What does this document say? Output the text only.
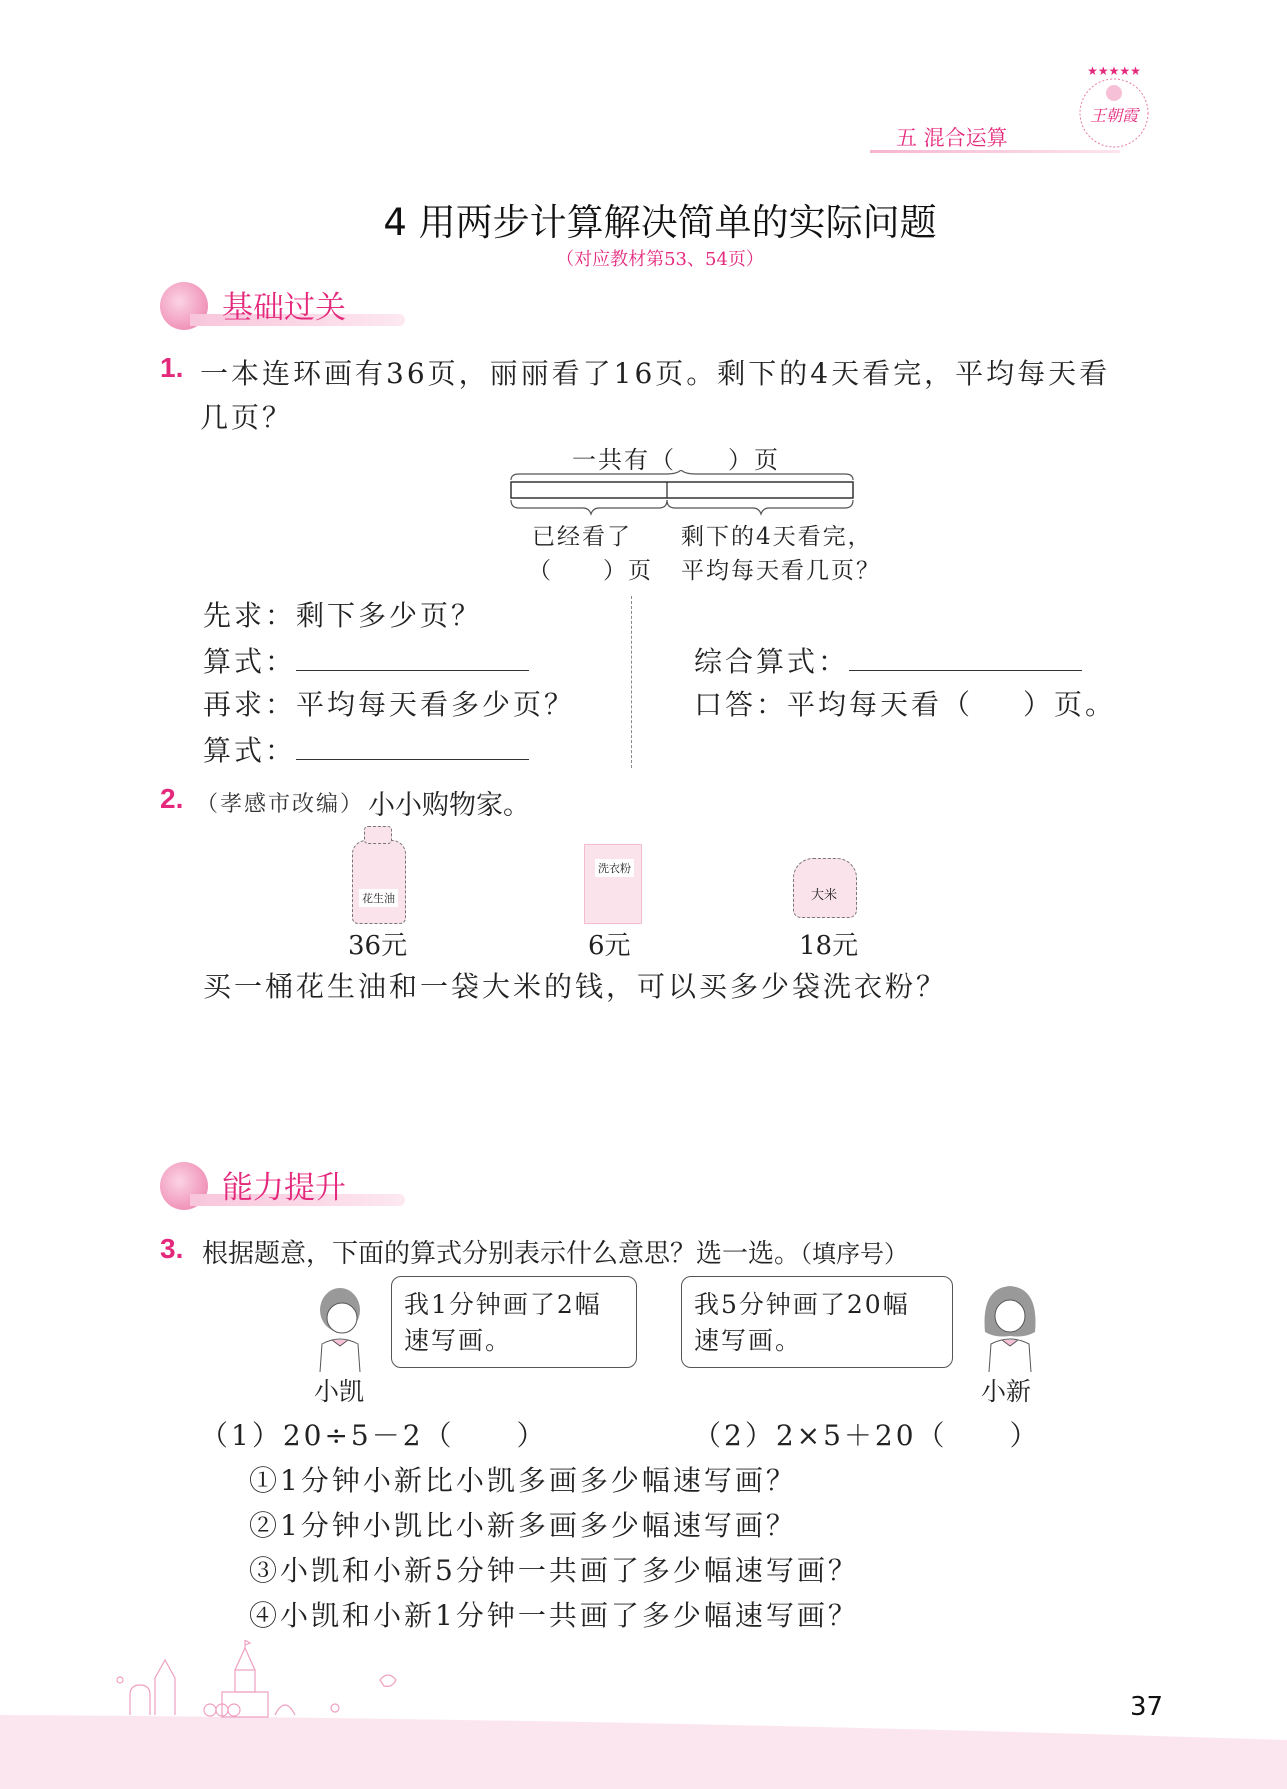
五 混合运算
★★★★★
王朝霞
4 用两步计算解决简单的实际问题
（对应教材第53、54页）
基础过关
1. 一本连环画有36页，丽丽看了16页。剩下的4天看完，平均每天看
几页？
一共有（　　）页
已经看了
（　　）页
剩下的4天看完，
平均每天看几页？
先求：剩下多少页？
算式：
再求：平均每天看多少页？
算式：
综合算式：
口答：平均每天看（ ）页。
2. （孝感市改编） 小小购物家。
花生油
36元
洗衣粉
6元
大米
18元
买一桶花生油和一袋大米的钱，可以买多少袋洗衣粉？
能力提升
3. 根据题意，下面的算式分别表示什么意思？选一选。（填序号）
小凯
我1分钟画了2幅
速写画。
我5分钟画了20幅
速写画。
小新
（1）20÷5－2（　　）	（2）2×5＋20（　　）
①1分钟小新比小凯多画多少幅速写画？
②1分钟小凯比小新多画多少幅速写画？
③小凯和小新5分钟一共画了多少幅速写画？
④小凯和小新1分钟一共画了多少幅速写画？
37
